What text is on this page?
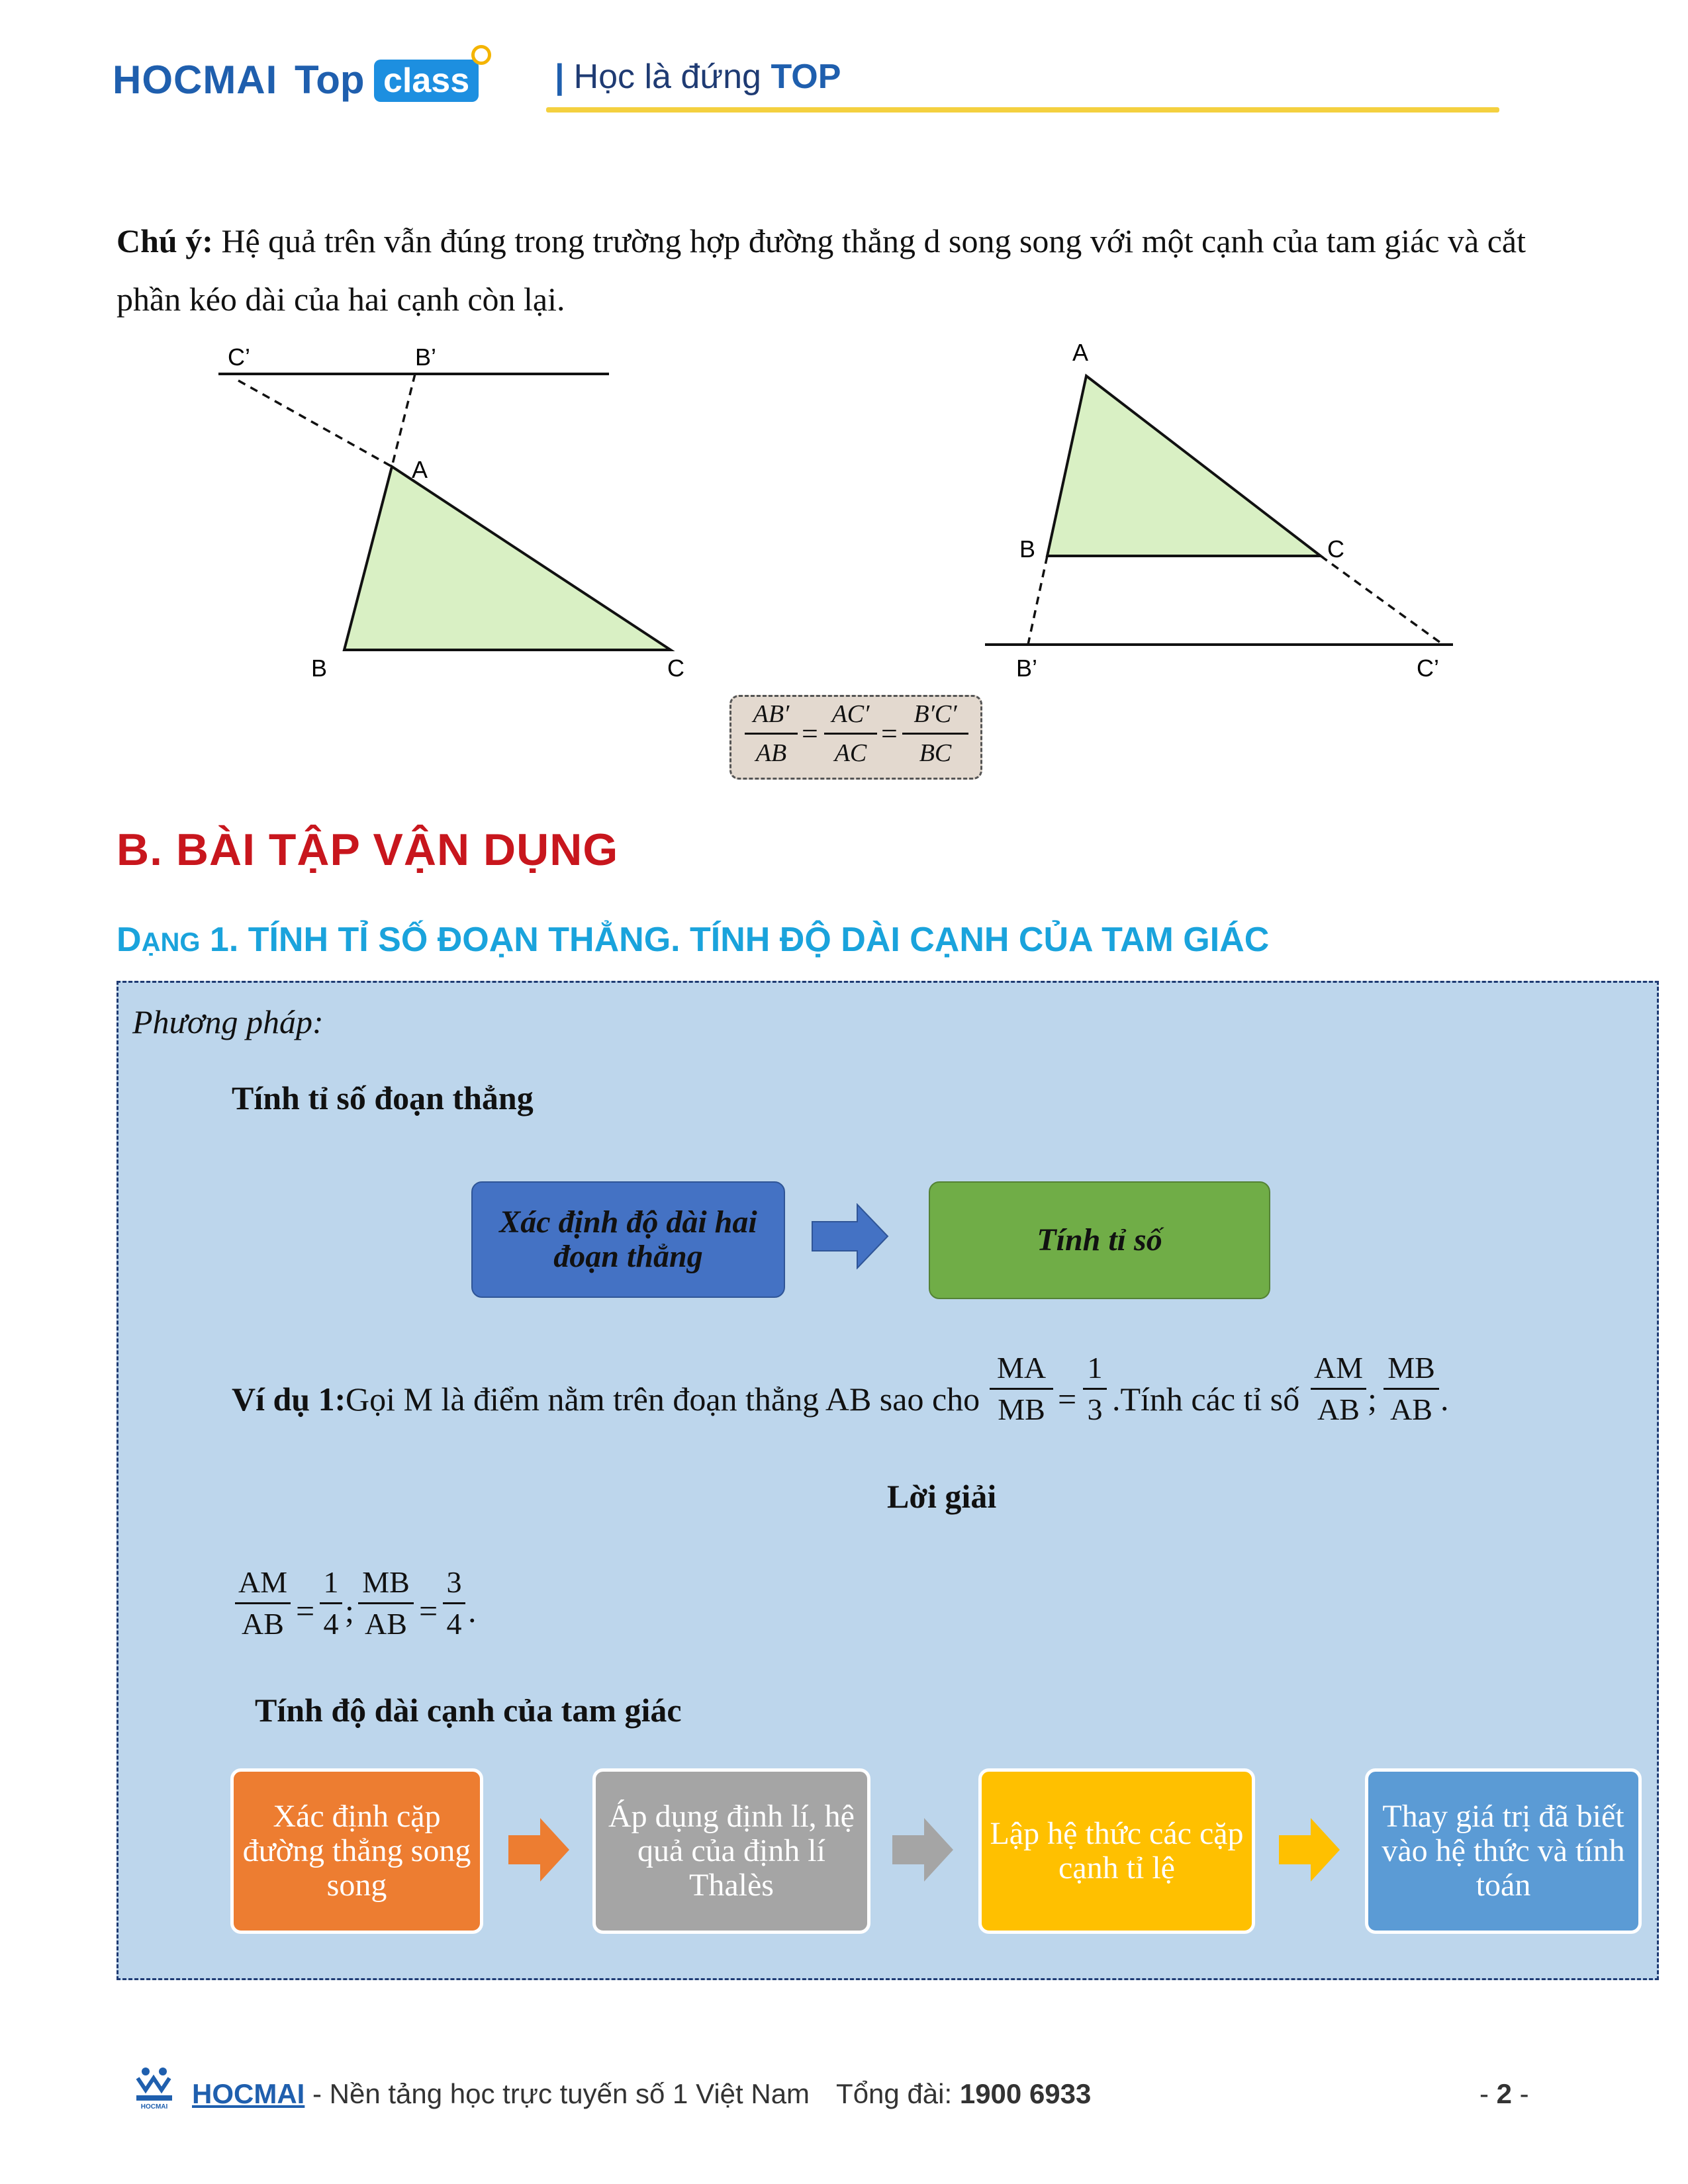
HOCMAI Top class | Học là đứng TOP
Chú ý: Hệ quả trên vẫn đúng trong trường hợp đường thẳng d song song với một cạnh của tam giác và cắt phần kéo dài của hai cạnh còn lại.
C’	B’
A
B	C
A
B	C
B’	C’
AB′
AB
=
AC′
AC
=
B′C′
BC
B. BÀI TẬP VẬN DỤNG
DẠNG 1. TÍNH TỈ SỐ ĐOẠN THẲNG. TÍNH ĐỘ DÀI CẠNH CỦA TAM GIÁC
Phương pháp:
Tính tỉ số đoạn thẳng
Xác định độ dài hai đoạn thẳng	Tính tỉ số
Ví dụ 1: Gọi M là điểm nằm trên đoạn thẳng AB sao cho
MA
MB =
1
3 .Tính các tỉ số
AM
AB ;
MB
AB .
Lời giải
AM
AB =
1
4 ;
MB
AB =
3
4 .
Tính độ dài cạnh của tam giác
Xác định cặp đường thẳng song song
Áp dụng định lí, hệ quả của định lí Thalès
Lập hệ thức các cặp cạnh tỉ lệ
Thay giá trị đã biết vào hệ thức và tính toán
HOCMAI HOCMAI - Nền tảng học trực tuyến số 1 Việt Nam Tổng đài: 1900 6933	- 2 -
